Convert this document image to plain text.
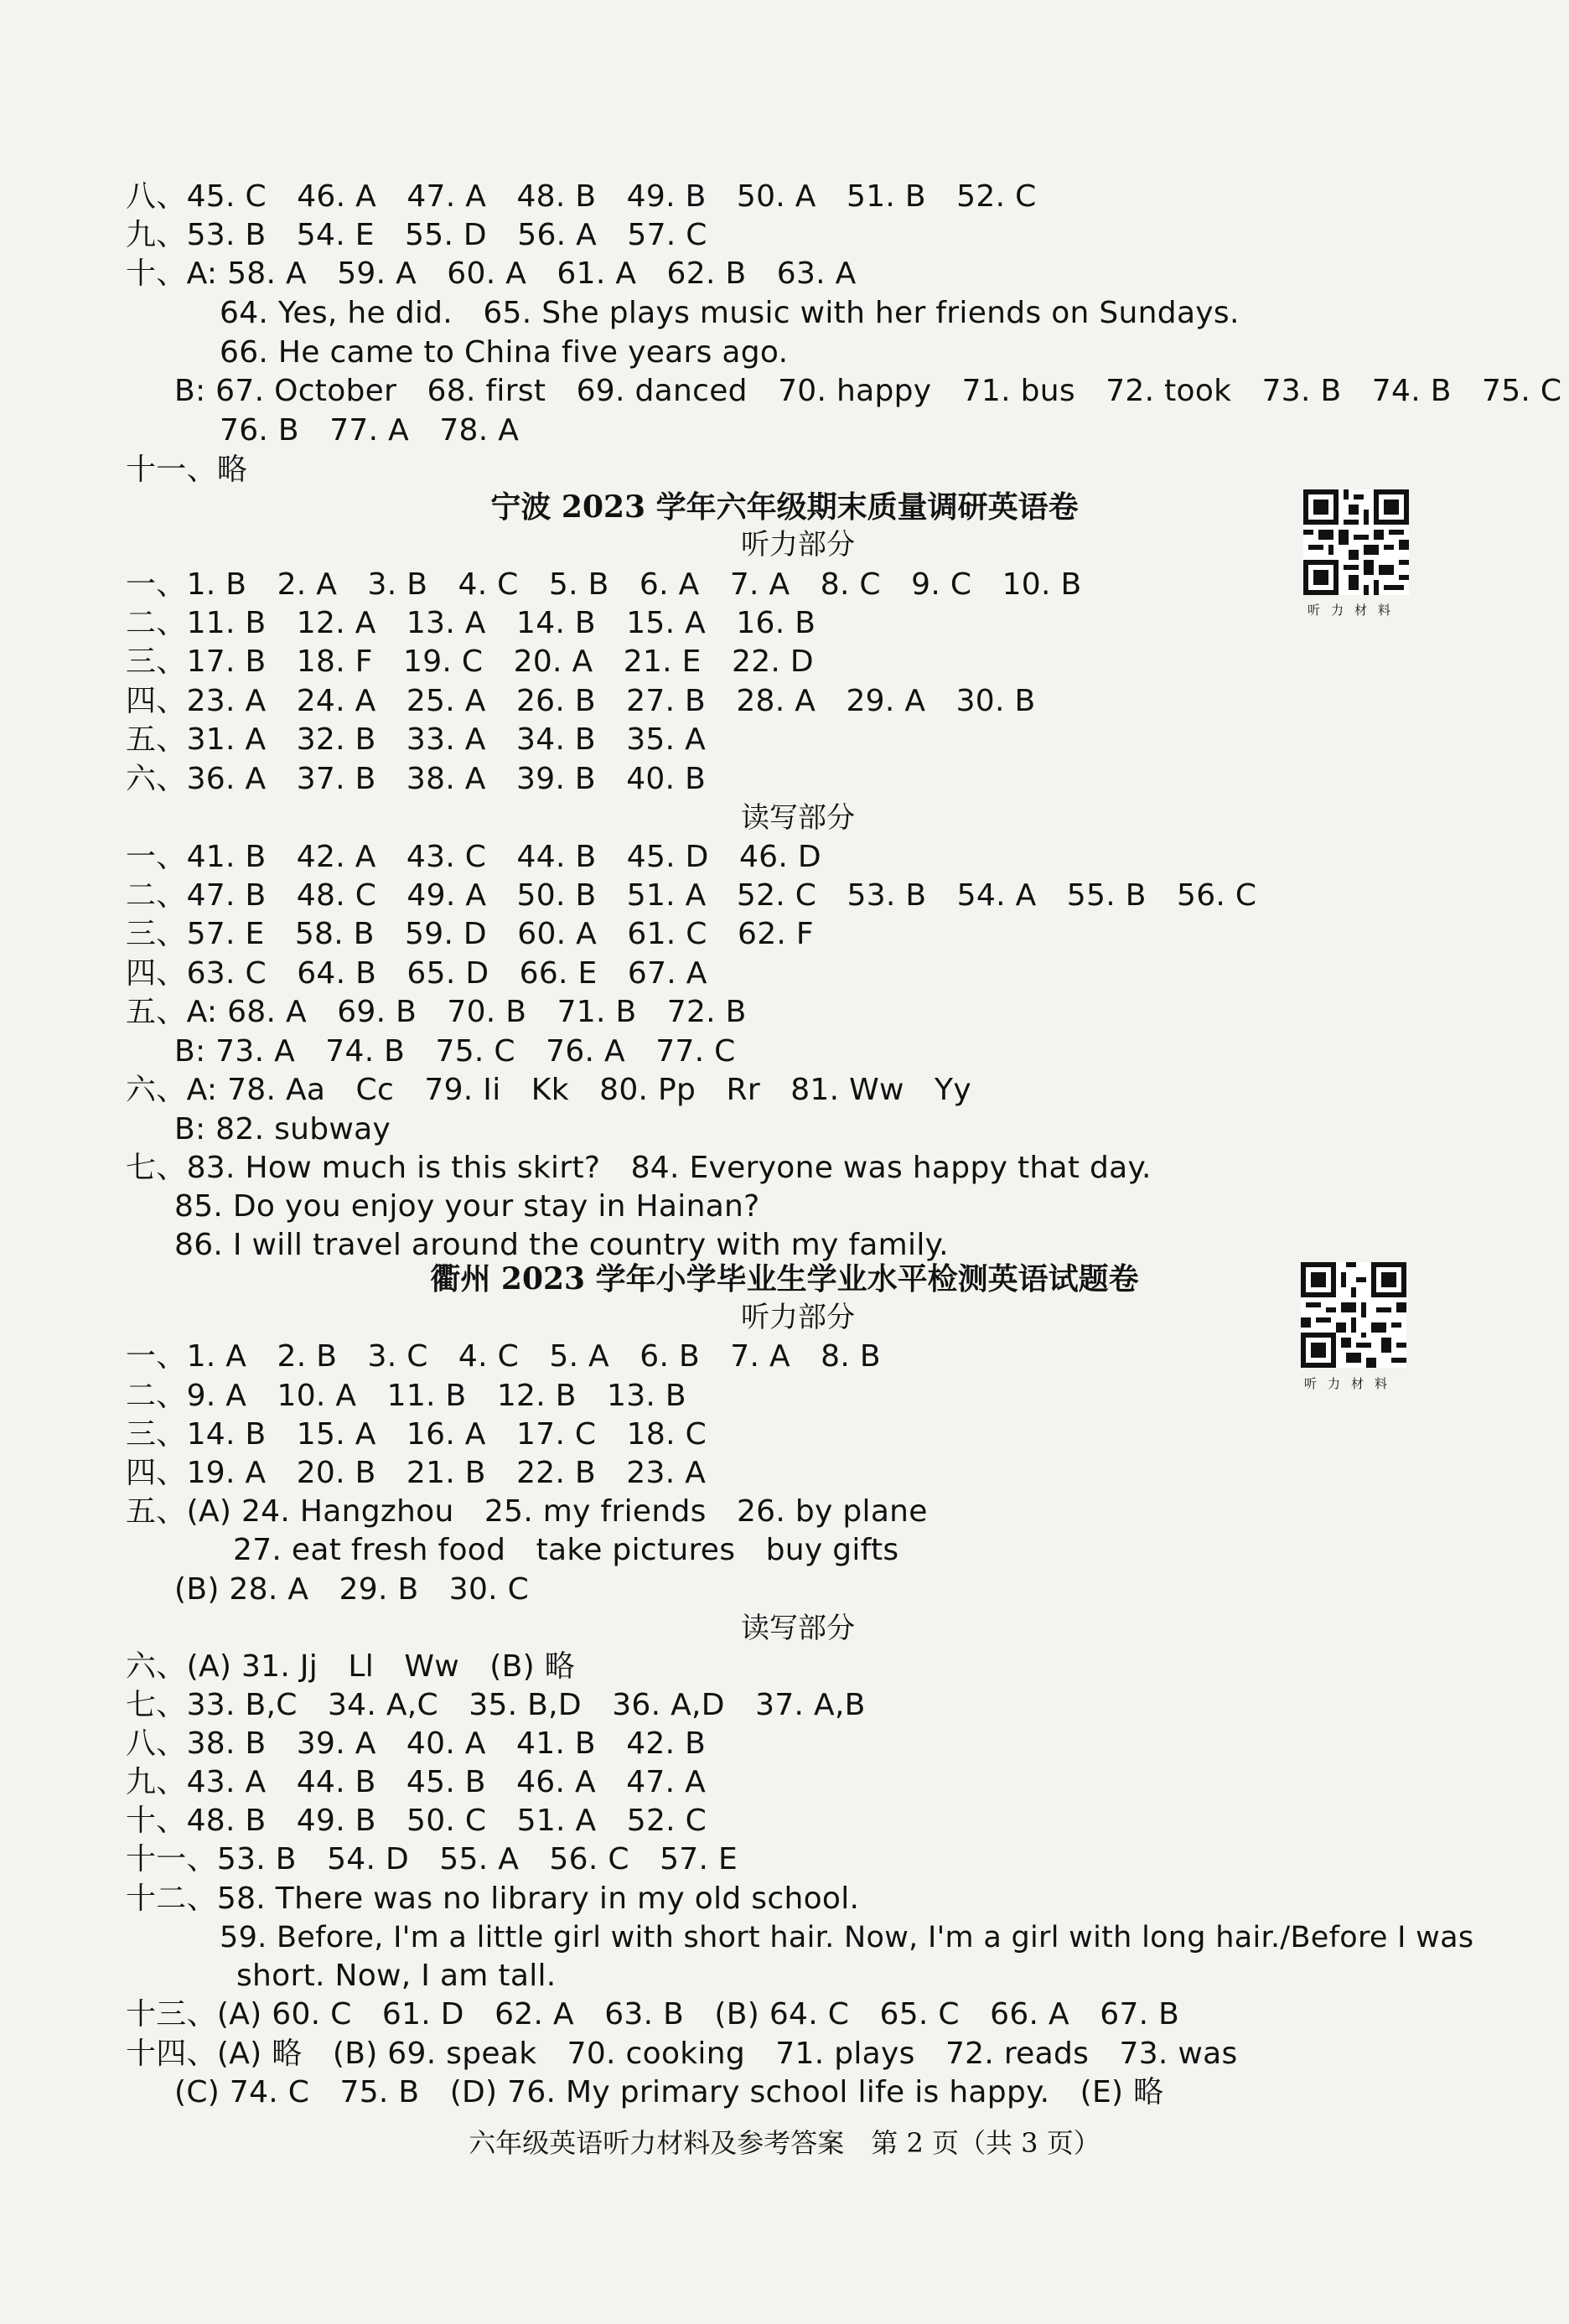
八、45. C　46. A　47. A　48. B　49. B　50. A　51. B　52. C
九、53. B　54. E　55. D　56. A　57. C
十、A: 58. A　59. A　60. A　61. A　62. B　63. A
64. Yes, he did.　65. She plays music with her friends on Sundays.
66. He came to China five years ago.
B: 67. October　68. first　69. danced　70. happy　71. bus　72. took　73. B　74. B　75. C
76. B　77. A　78. A
十一、略
宁波 2023 学年六年级期末质量调研英语卷
听力部分
听力材料
一、1. B　2. A　3. B　4. C　5. B　6. A　7. A　8. C　9. C　10. B
二、11. B　12. A　13. A　14. B　15. A　16. B
三、17. B　18. F　19. C　20. A　21. E　22. D
四、23. A　24. A　25. A　26. B　27. B　28. A　29. A　30. B
五、31. A　32. B　33. A　34. B　35. A
六、36. A　37. B　38. A　39. B　40. B
读写部分
一、41. B　42. A　43. C　44. B　45. D　46. D
二、47. B　48. C　49. A　50. B　51. A　52. C　53. B　54. A　55. B　56. C
三、57. E　58. B　59. D　60. A　61. C　62. F
四、63. C　64. B　65. D　66. E　67. A
五、A: 68. A　69. B　70. B　71. B　72. B
B: 73. A　74. B　75. C　76. A　77. C
六、A: 78. Aa　Cc　79. Ii　Kk　80. Pp　Rr　81. Ww　Yy
B: 82. subway
七、83. How much is this skirt?　84. Everyone was happy that day.
85. Do you enjoy your stay in Hainan?
86. I will travel around the country with my family.
衢州 2023 学年小学毕业生学业水平检测英语试题卷
听力部分
听力材料
一、1. A　2. B　3. C　4. C　5. A　6. B　7. A　8. B
二、9. A　10. A　11. B　12. B　13. B
三、14. B　15. A　16. A　17. C　18. C
四、19. A　20. B　21. B　22. B　23. A
五、(A) 24. Hangzhou　25. my friends　26. by plane
27. eat fresh food　take pictures　buy gifts
(B) 28. A　29. B　30. C
读写部分
六、(A) 31. Jj　Ll　Ww　(B) 略
七、33. B,C　34. A,C　35. B,D　36. A,D　37. A,B
八、38. B　39. A　40. A　41. B　42. B
九、43. A　44. B　45. B　46. A　47. A
十、48. B　49. B　50. C　51. A　52. C
十一、53. B　54. D　55. A　56. C　57. E
十二、58. There was no library in my old school.
59. Before, I'm a little girl with short hair. Now, I'm a girl with long hair./Before I was
short. Now, I am tall.
十三、(A) 60. C　61. D　62. A　63. B　(B) 64. C　65. C　66. A　67. B
十四、(A) 略　(B) 69. speak　70. cooking　71. plays　72. reads　73. was
(C) 74. C　75. B　(D) 76. My primary school life is happy.　(E) 略
六年级英语听力材料及参考答案　第 2 页（共 3 页）
